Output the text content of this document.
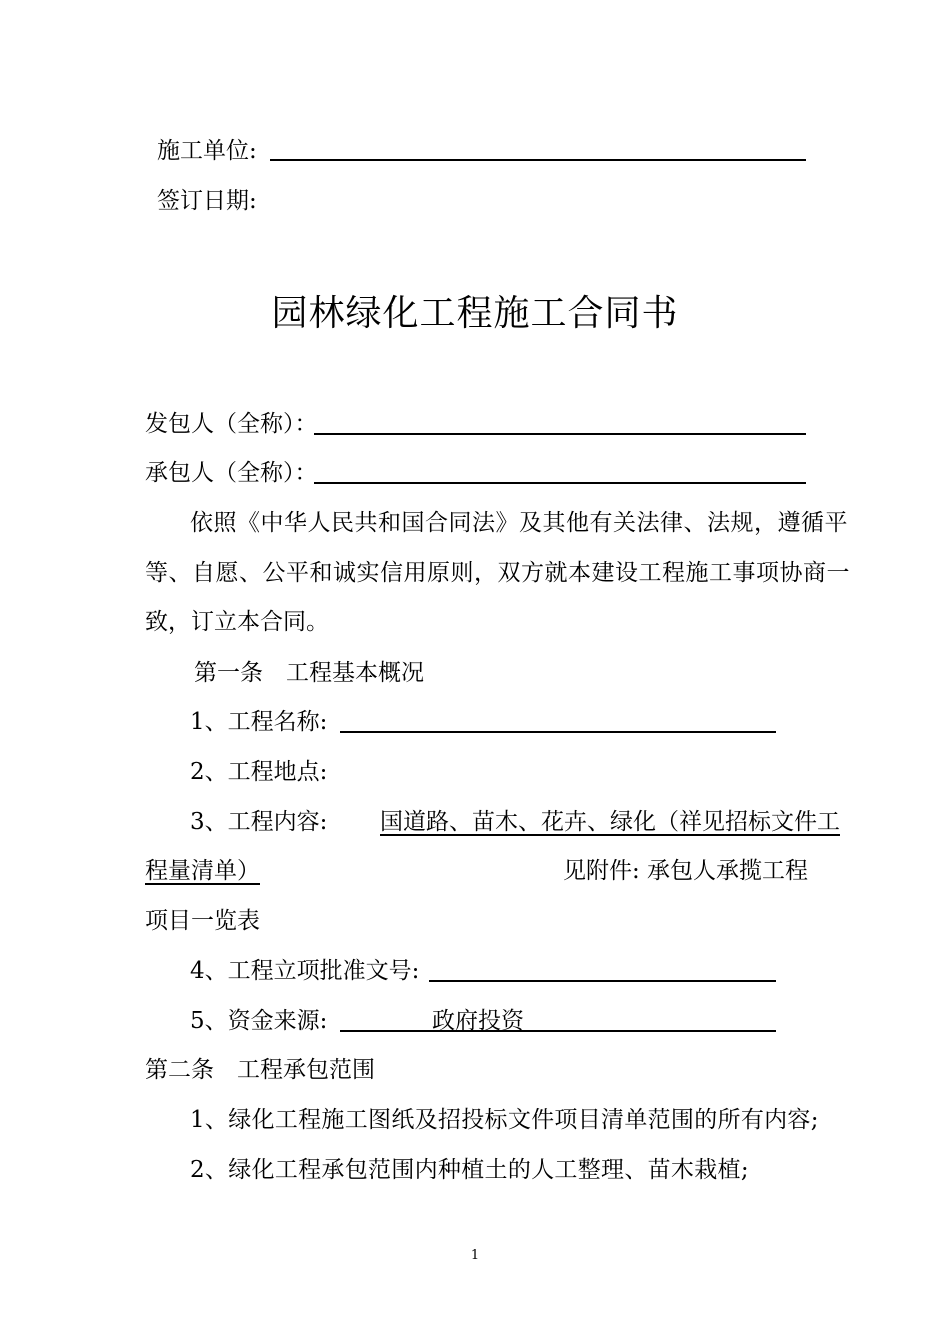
施工单位:
签订日期:
园林绿化工程施工合同书
发包人（全称）：
承包人（全称）：
依照《中华人民共和国合同法》及其他有关法律、法规，遵循平
等、自愿、公平和诚实信用原则，双方就本建设工程施工事项协商一
致，订立本合同。
第一条　工程基本概况
1、工程名称:
2、工程地点:
3、工程内容:	国道路、苗木、花卉、绿化（祥见招标文件工
程量清单）	见附件: 承包人承揽工程
项目一览表
4、工程立项批准文号:
5、资金来源:	政府投资
第二条　工程承包范围
1、绿化工程施工图纸及招投标文件项目清单范围的所有内容;
2、绿化工程承包范围内种植土的人工整理、苗木栽植;
1
